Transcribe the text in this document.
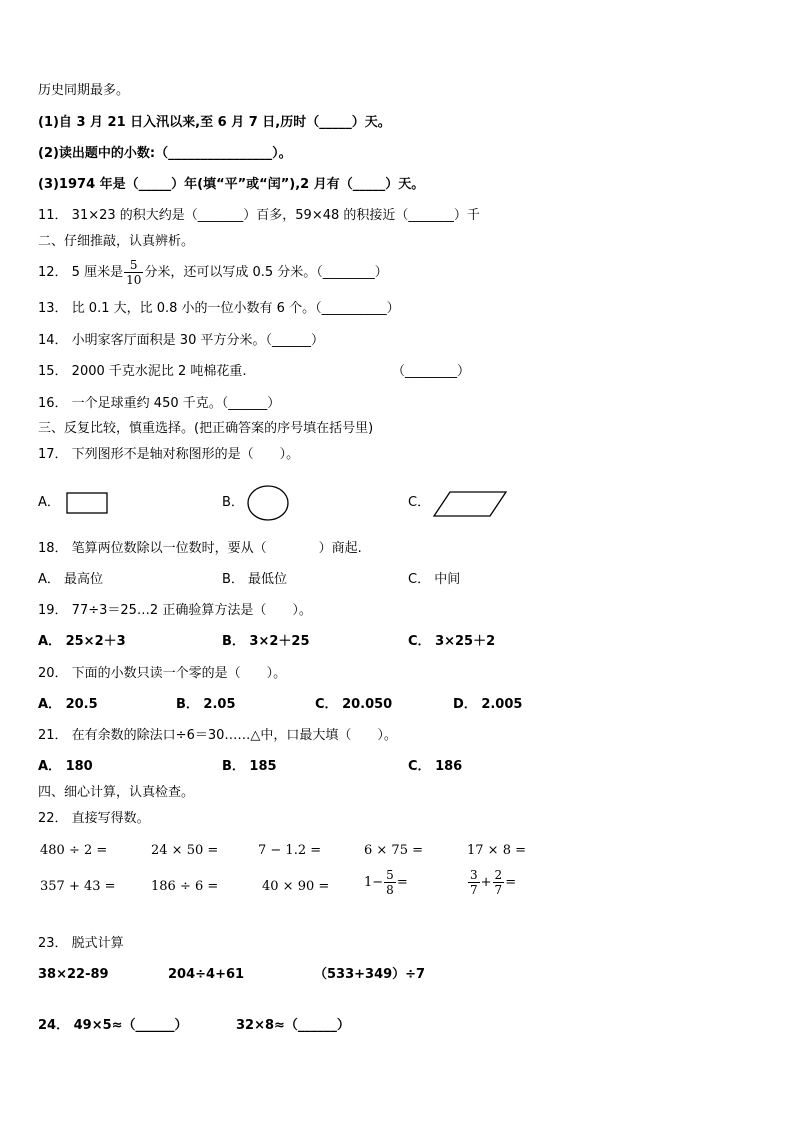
历史同期最多。
(1)自 3 月 21 日入汛以来,至 6 月 7 日,历时（_____）天。
(2)读出题中的小数:（________________）。
(3)1974 年是（_____）年(填“平”或“闰”),2 月有（_____）天。
11． 31×23 的积大约是（_______）百多，59×48 的积接近（_______）千
二、仔细推敲，认真辨析。
12． 5 厘米是 $\frac{5}{10}$ 分米，还可以写成 0.5 分米。（________）
13． 比 0.1 大，比 0.8 小的一位小数有 6 个。（__________）
14． 小明家客厅面积是 30 平方分米。（______）
15． 2000 千克水泥比 2 吨棉花重.	（________）
16． 一个足球重约 450 千克。（______）
三、反复比较，慎重选择。(把正确答案的序号填在括号里)
17． 下列图形不是轴对称图形的是（　　）。
A．	B．	C．
18． 笔算两位数除以一位数时，要从（　　　　）商起.
A． 最高位	B． 最低位	C． 中间
19． 77÷3＝25…2 正确验算方法是（　　）。
A． 25×2＋3	B． 3×2＋25	C． 3×25＋2
20． 下面的小数只读一个零的是（　　）。
A． 20.5	B． 2.05	C． 20.050	D． 2.005
21． 在有余数的除法口÷6＝30……△中，口最大填（　　）。
A． 180	B． 185	C． 186
四、细心计算，认真检查。
22． 直接写得数。
480 ÷ 2 =	24 × 50 =	7 − 1.2 =	6 × 75 =	17 × 8 =
357 + 43 =	186 ÷ 6 =	40 × 90 =	$1- \frac{5}{8}$ =	$\frac{3}{7} + \frac{2}{7}$ =
23． 脱式计算
38×22-89	204÷4+61	（533+349）÷7
24． 49×5≈（______）	32×8≈（______）
